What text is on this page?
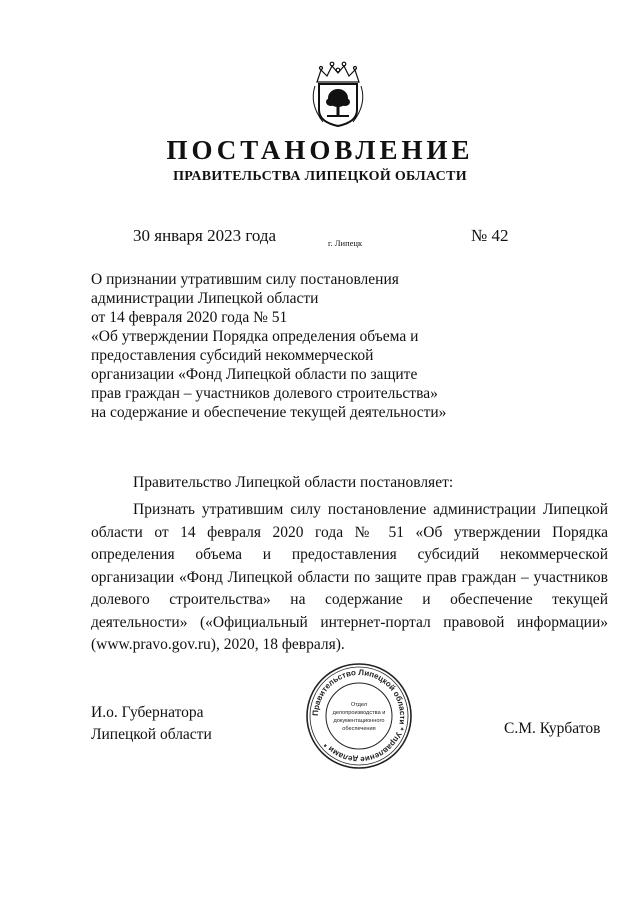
ПОСТАНОВЛЕНИЕ
ПРАВИТЕЛЬСТВА ЛИПЕЦКОЙ ОБЛАСТИ
30 января 2023 года	г. Липецк	№ 42
О признании утратившим силу постановления
администрации Липецкой области
от 14 февраля 2020 года № 51
«Об утверждении Порядка определения объема и
предоставления субсидий некоммерческой
организации «Фонд Липецкой области по защите
прав граждан – участников долевого строительства»
на содержание и обеспечение текущей деятельности»
Правительство Липецкой области постановляет:
Признать утратившим силу постановление администрации Липецкой области от 14 февраля 2020 года № 51 «Об утверждении Порядка определения объема и предоставления субсидий некоммерческой организации «Фонд Липецкой области по защите прав граждан – участников долевого строительства» на содержание и обеспечение текущей деятельности» («Официальный интернет-портал правовой информации» (www.pravo.gov.ru), 2020, 18 февраля).
И.о. Губернатора
Липецкой области	С.М. Курбатов
Правительство Липецкой области * Управление делами *
Отдел
делопроизводства и
документационного
обеспечения
